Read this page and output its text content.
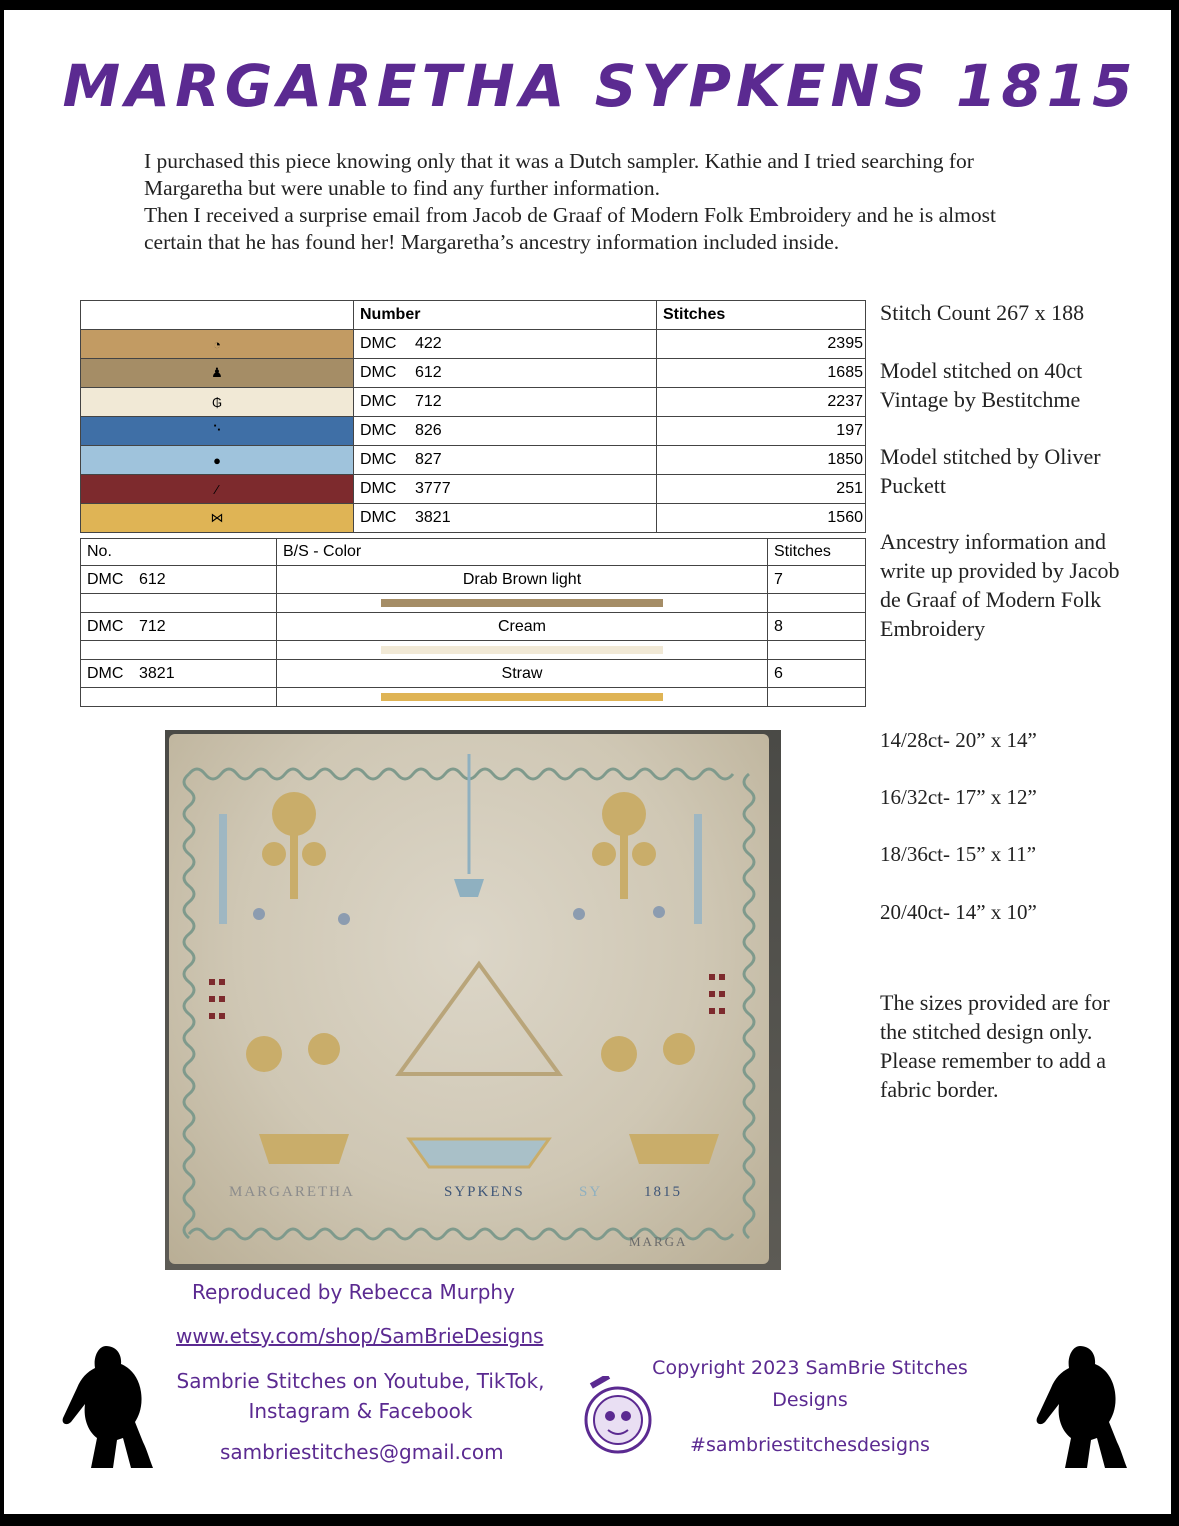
MARGARETHA SYPKENS 1815

I purchased this piece knowing only that it was a Dutch sampler. Kathie and I tried searching for Margaretha but were unable to find any further information.

Then I received a surprise email from Jacob de Graaf of Modern Folk Embroidery and he is almost certain that he has found her! Margaretha’s ancestry information included inside.

	Number	Stitches
◔	DMC 422	2395
♟	DMC 612	1685
₲	DMC 712	2237
⠑	DMC 826	197
●	DMC 827	1850
⁄	DMC 3777	251
⋈	DMC 3821	1560
No.	B/S - Color	Stitches
DMC 612	Drab Brown light	7

DMC 712	Cream	8

DMC 3821	Straw	6

Stitch Count 267 x 188
Model stitched on 40ct Vintage by Bestitchme
Model stitched by Oliver Puckett
Ancestry information and write up provided by Jacob de Graaf of Modern Folk Embroidery
14/28ct- 20” x 14”
16/32ct- 17” x 12”
18/36ct- 15” x 11”
20/40ct- 14” x 10”

The sizes provided are for the stitched design only.

Please remember to add a fabric border.

MARGARETHA	SYPKENS	SY	1815
MARGA
Reproduced by Rebecca Murphy
www.etsy.com/shop/SamBrieDesigns
Sambrie Stitches on Youtube, TikTok, Instagram & Facebook
sambriestitches@gmail.com
Copyright 2023 SamBrie Stitches Designs
#sambriestitchesdesigns
